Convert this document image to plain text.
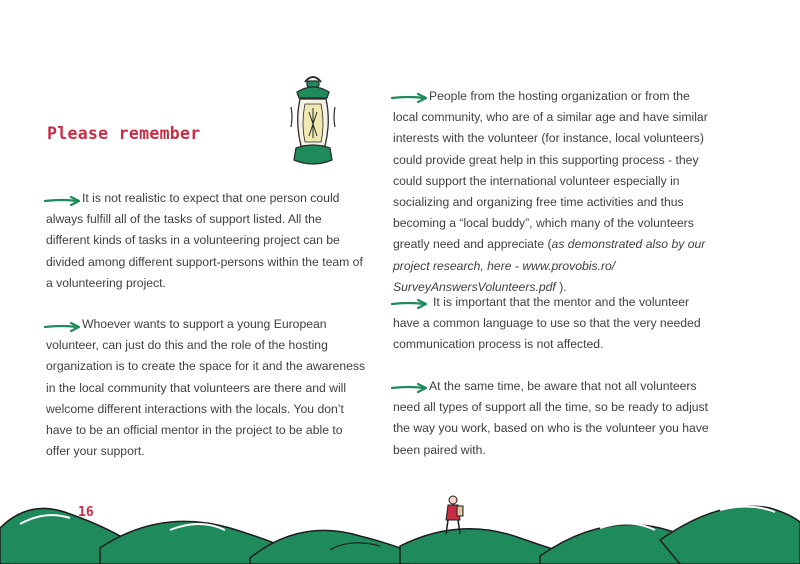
Please remember
It is not realistic to expect that one person could always fulfill all of the tasks of support listed. All the different kinds of tasks in a volunteering project can be divided among different support-persons within the team of a volunteering project.
Whoever wants to support a young European volunteer, can just do this and the role of the hosting organization is to create the space for it and the awareness in the local community that volunteers are there and will welcome different interactions with the locals. You don’t have to be an official mentor in the project to be able to offer your support.
People from the hosting organization or from the local community, who are of a similar age and have similar interests with the volunteer (for instance, local volunteers) could provide great help in this supporting process - they could support the international volunteer especially in socializing and organizing free time activities and thus becoming a “local buddy”, which many of the volunteers greatly need and appreciate (as demonstrated also by our project research, here - www.provobis.ro/ SurveyAnswersVolunteers.pdf ).
It is important that the mentor and the volunteer have a common language to use so that the very needed communication process is not affected.
At the same time, be aware that not all volunteers need all types of support all the time, so be ready to adjust the way you work, based on who is the volunteer you have been paired with.
16
